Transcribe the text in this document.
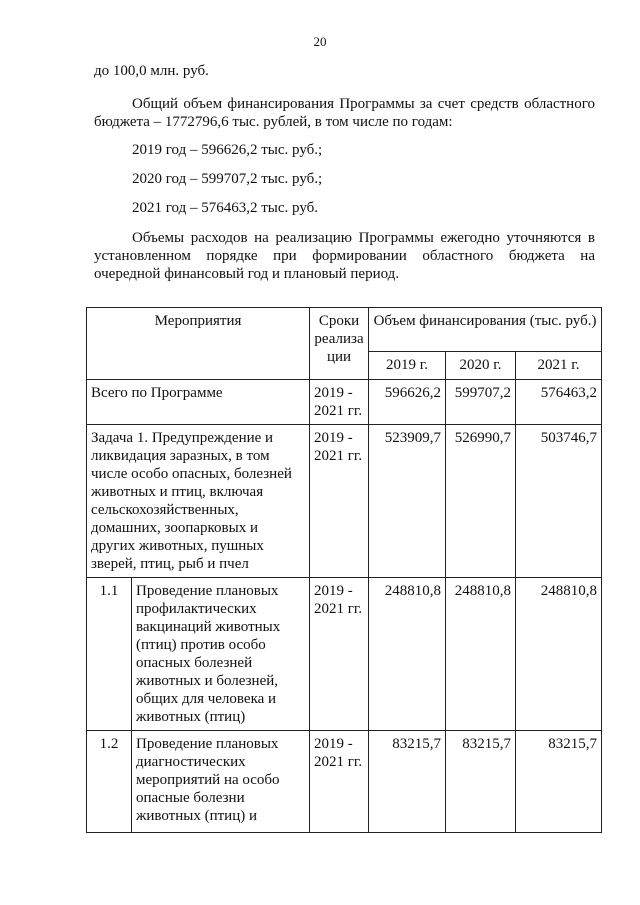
20
до 100,0 млн. руб.
Общий объем финансирования Программы за счет средств областного
бюджета – 1772796,6 тыс. рублей, в том числе по годам:
2019 год – 596626,2 тыс. руб.;
2020 год – 599707,2 тыс. руб.;
2021 год – 576463,2 тыс. руб.
Объемы расходов на реализацию Программы ежегодно уточняются в
установленном порядке при формировании областного бюджета на
очередной финансовый год и плановый период.
Мероприятия		Сроки реализа ции	Объем финансирования (тыс. руб.)		
			2019 г.	2020 г.	2021 г.
Всего по Программе		2019 - 2021 гг.	596626,2	599707,2	576463,2
Задача 1. Предупреждение и ликвидация заразных, в том числе особо опасных, болезней животных и птиц, включая сельскохозяйственных, домашних, зоопарковых и других животных, пушных зверей, птиц, рыб и пчел		2019 - 2021 гг.	523909,7	526990,7	503746,7
1.1	Проведение плановых профилактических вакцинаций животных (птиц) против особо опасных болезней животных и болезней, общих для человека и животных (птиц)	2019 - 2021 гг.	248810,8	248810,8	248810,8
1.2	Проведение плановых диагностических мероприятий на особо опасные болезни животных (птиц) и	2019 - 2021 гг.	83215,7	83215,7	83215,7
